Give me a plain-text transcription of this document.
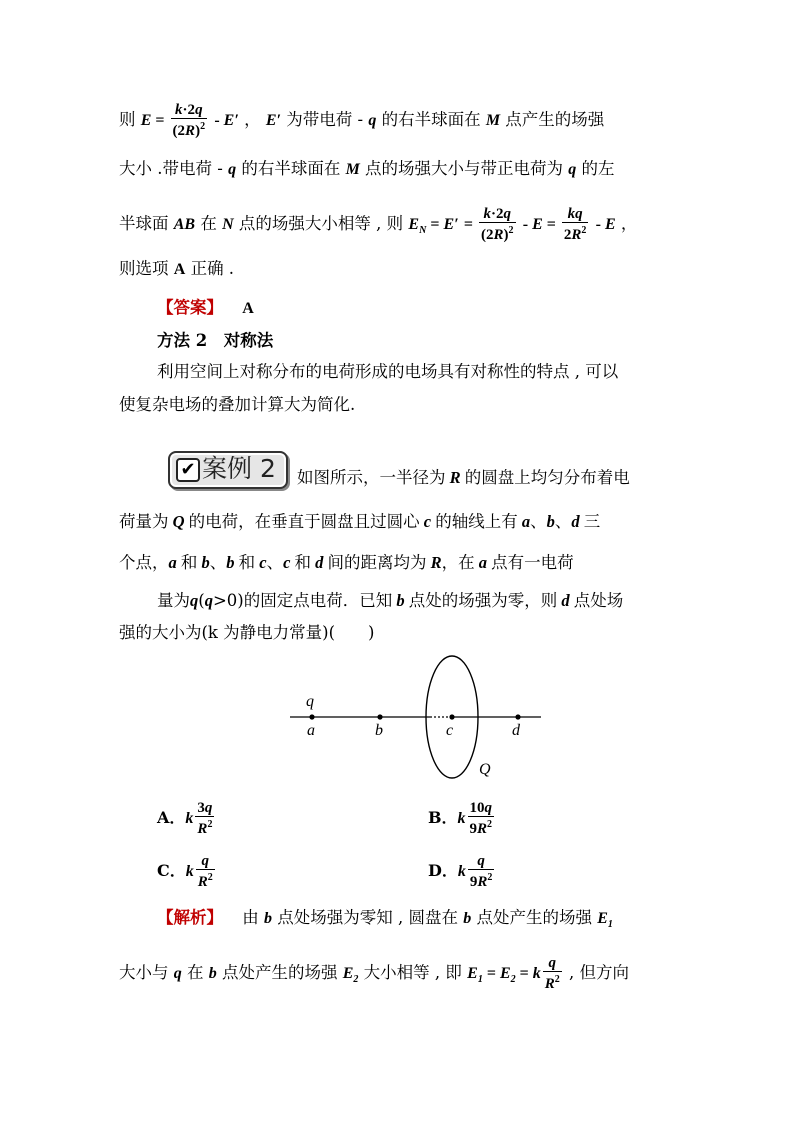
则 $E = \frac{k\cdot 2q}{(2R)^2} - E'$ ， E′ 为带电荷 - q 的右半球面在 M 点产生的场强
大小 .带电荷 - q 的右半球面在 M 点的场强大小与带正电荷为 q 的左
半球面 AB 在 N 点的场强大小相等 , 则 $E_N = E' = \frac{k\cdot 2q}{(2R)^2} - E = \frac{kq}{2R^2} - E$ ，
则选项 A 正确 .
【答案】 A
方法 2　对称法
利用空间上对称分布的电荷形成的电场具有对称性的特点 , 可以
使复杂电场的叠加计算大为简化.
✔ 案例 2 如图所示，一半径为 R 的圆盘上均匀分布着电
荷量为 Q 的电荷，在垂直于圆盘且过圆心 c 的轴线上有 a、b、d 三
个点，a 和 b、b 和 c、c 和 d 间的距离均为 R，在 a 点有一电荷
量为q(q>0)的固定点电荷．已知 b 点处的场强为零，则 d 点处场
强的大小为(k 为静电力常量)(　　)
q
a	b	c	d
Q
A．k $\frac{3q}{R^2}$	B．k $\frac{10q}{9R^2}$
C．k $\frac{q}{R^2}$	D．k $\frac{q}{9R^2}$
【解析】 由 b 点处场强为零知 , 圆盘在 b 点处产生的场强 $E_1$
大小与 q 在 b 点处产生的场强 $E_2$ 大小相等 , 即 $E_1 = E_2 = k \frac{q}{R^2}$ , 但方向
